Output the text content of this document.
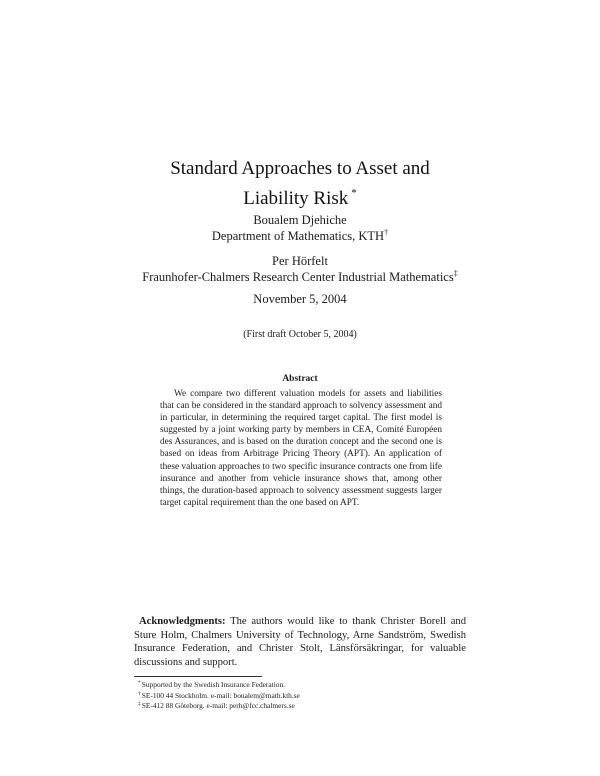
Standard Approaches to Asset and
Liability Risk *
Boualem Djehiche
Department of Mathematics, KTH†
Per Hörfelt
Fraunhofer-Chalmers Research Center Industrial Mathematics‡
November 5, 2004
(First draft October 5, 2004)
Abstract
We compare two different valuation models for assets and liabilities that can be considered in the standard approach to solvency assessment and in particular, in determining the required target capital. The first model is suggested by a joint working party by members in CEA, Comité Européen des Assurances, and is based on the duration concept and the second one is based on ideas from Arbitrage Pricing Theory (APT). An application of these valuation approaches to two specific insurance contracts one from life insurance and another from vehicle insurance shows that, among other things, the duration-based approach to solvency assessment suggests larger target capital requirement than the one based on APT.
Acknowledgments: The authors would like to thank Christer Borell and Sture Holm, Chalmers University of Technology, Arne Sandström, Swedish Insurance Federation, and Christer Stolt, Länsförsäkringar, for valuable discussions and support.
*Supported by the Swedish Insurance Federation.
†SE-100 44 Stockholm. e-mail: boualem@math.kth.se
‡SE-412 88 Göteborg. e-mail: perh@fcc.chalmers.se
